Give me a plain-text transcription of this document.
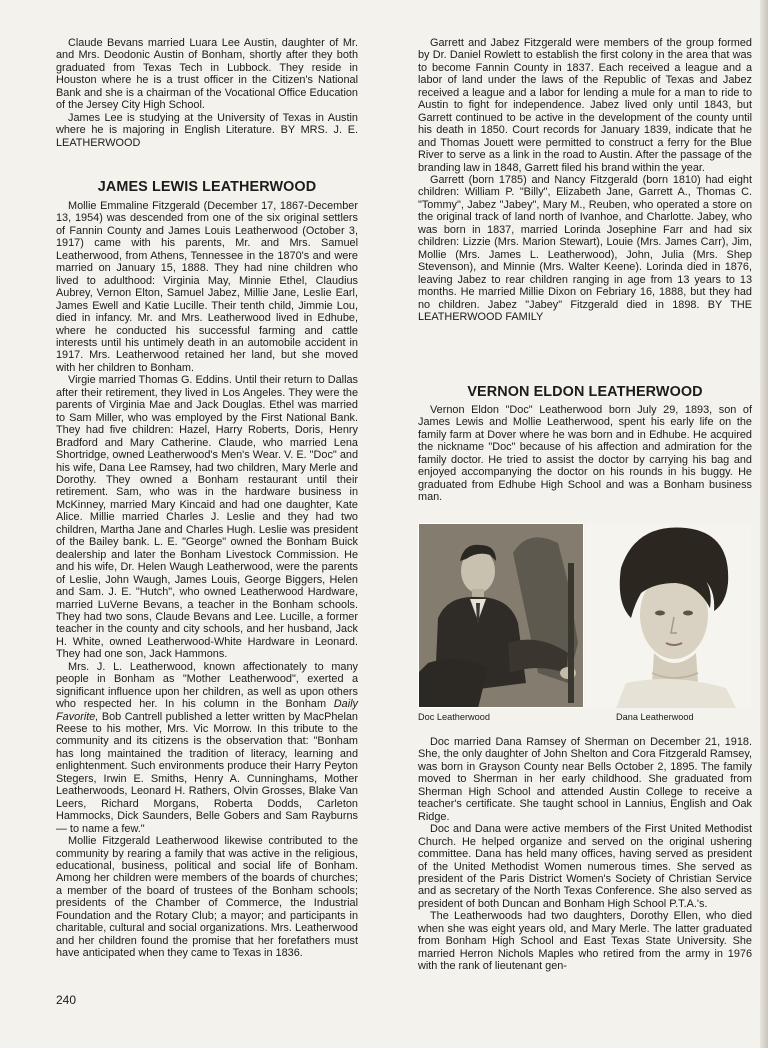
Claude Bevans married Luara Lee Austin, daughter of Mr. and Mrs. Deodonic Austin of Bonham, shortly after they both graduated from Texas Tech in Lubbock. They reside in Houston where he is a trust officer in the Citizen's National Bank and she is a chairman of the Vocational Office Education of the Jersey City High School.

James Lee is studying at the University of Texas in Austin where he is majoring in English Literature. BY MRS. J. E. LEATHERWOOD

JAMES LEWIS LEATHERWOOD

Mollie Emmaline Fitzgerald (December 17, 1867-December 13, 1954) was descended from one of the six original settlers of Fannin County and James Louis Leatherwood (October 3, 1917) came with his parents, Mr. and Mrs. Samuel Leatherwood, from Athens, Tennessee in the 1870's and were married on January 15, 1888. They had nine children who lived to adulthood: Virginia May, Minnie Ethel, Claudius Aubrey, Vernon Elton, Samuel Jabez, Millie Jane, Leslie Earl, James Ewell and Katie Lucille. Their tenth child, Jimmie Lou, died in infancy. Mr. and Mrs. Leatherwood lived in Edhube, where he conducted his successful farming and cattle interests until his untimely death in an automobile accident in 1917. Mrs. Leatherwood retained her land, but she moved with her children to Bonham.

Virgie married Thomas G. Eddins. Until their return to Dallas after their retirement, they lived in Los Angeles. They were the parents of Virginia Mae and Jack Douglas. Ethel was married to Sam Miller, who was employed by the First National Bank. They had five children: Hazel, Harry Roberts, Doris, Henry Bradford and Mary Catherine. Claude, who married Lena Shortridge, owned Leatherwood's Men's Wear. V. E. "Doc" and his wife, Dana Lee Ramsey, had two children, Mary Merle and Dorothy. They owned a Bonham restaurant until their retirement. Sam, who was in the hardware business in McKinney, married Mary Kincaid and had one daughter, Kate Alice. Millie married Charles J. Leslie and they had two children, Martha Jane and Charles Hugh. Leslie was president of the Bailey bank. L. E. "George" owned the Bonham Buick dealership and later the Bonham Livestock Commission. He and his wife, Dr. Helen Waugh Leatherwood, were the parents of Leslie, John Waugh, James Louis, George Biggers, Helen and Sam. J. E. "Hutch", who owned Leatherwood Hardware, married LuVerne Bevans, a teacher in the Bonham schools. They had two sons, Claude Bevans and Lee. Lucille, a former teacher in the county and city schools, and her husband, Jack H. White, owned Leatherwood-White Hardware in Leonard. They had one son, Jack Hammons.

Mrs. J. L. Leatherwood, known affectionately to many people in Bonham as "Mother Leatherwood", exerted a significant influence upon her children, as well as upon others who respected her. In his column in the Bonham Daily Favorite, Bob Cantrell published a letter written by MacPhelan Reese to his mother, Mrs. Vic Morrow. In this tribute to the community and its citizens is the observation that: "Bonham has long maintained the tradition of literacy, learning and enlightenment. Such environments produce their Harry Peyton Stegers, Irwin E. Smiths, Henry A. Cunninghams, Mother Leatherwoods, Leonard H. Rathers, Olvin Grosses, Blake Van Leers, Richard Morgans, Roberta Dodds, Carleton Hammocks, Dick Saunders, Belle Gobers and Sam Rayburns — to name a few."

Mollie Fitzgerald Leatherwood likewise contributed to the community by rearing a family that was active in the religious, educational, business, political and social life of Bonham. Among her children were members of the boards of churches; a member of the board of trustees of the Bonham schools; presidents of the Chamber of Commerce, the Industrial Foundation and the Rotary Club; a mayor; and participants in charitable, cultural and social organizations. Mrs. Leatherwood and her children found the promise that her forefathers must have anticipated when they came to Texas in 1836.

Garrett and Jabez Fitzgerald were members of the group formed by Dr. Daniel Rowlett to establish the first colony in the area that was to become Fannin County in 1837. Each received a league and a labor of land under the laws of the Republic of Texas and Jabez received a league and a labor for lending a mule for a man to ride to Austin to fight for independence. Jabez lived only until 1843, but Garrett continued to be active in the development of the county until his death in 1850. Court records for January 1839, indicate that he and Thomas Jouett were permitted to construct a ferry for the Blue River to serve as a link in the road to Austin. After the passage of the branding law in 1848, Garrett filed his brand within the year.

Garrett (born 1785) and Nancy Fitzgerald (born 1810) had eight children: William P. "Billy", Elizabeth Jane, Garrett A., Thomas C. "Tommy", Jabez "Jabey", Mary M., Reuben, who operated a store on the original track of land north of Ivanhoe, and Charlotte. Jabey, who was born in 1837, married Lorinda Josephine Farr and had six children: Lizzie (Mrs. Marion Stewart), Louie (Mrs. James Carr), Jim, Mollie (Mrs. James L. Leatherwood), John, Julia (Mrs. Shep Stevenson), and Minnie (Mrs. Walter Keene). Lorinda died in 1876, leaving Jabez to rear children ranging in age from 13 years to 13 months. He married Millie Dixon on Febriary 16, 1888, but they had no children. Jabez "Jabey" Fitzgerald died in 1898. BY THE LEATHERWOOD FAMILY

VERNON ELDON LEATHERWOOD

Vernon Eldon "Doc" Leatherwood born July 29, 1893, son of James Lewis and Mollie Leatherwood, spent his early life on the family farm at Dover where he was born and in Edhube. He acquired the nickname "Doc" because of his affection and admiration for the family doctor. He tried to assist the doctor by carrying his bag and enjoyed accompanying the doctor on his rounds in his buggy. He graduated from Edhube High School and was a Bonham business man.

Doc Leatherwood	Dana Leatherwood

Doc married Dana Ramsey of Sherman on December 21, 1918. She, the only daughter of John Shelton and Cora Fitzgerald Ramsey, was born in Grayson County near Bells October 2, 1895. The family moved to Sherman in her early childhood. She graduated from Sherman High School and attended Austin College to receive a teacher's certificate. She taught school in Lannius, English and Oak Ridge.

Doc and Dana were active members of the First United Methodist Church. He helped organize and served on the original ushering committee. Dana has held many offices, having served as president of the United Methodist Women numerous times. She served as president of the Paris District Women's Society of Christian Service and as secretary of the North Texas Conference. She also served as president of both Duncan and Bonham High School P.T.A.'s.

The Leatherwoods had two daughters, Dorothy Ellen, who died when she was eight years old, and Mary Merle. The latter graduated from Bonham High School and East Texas State University. She married Herron Nichols Maples who retired from the army in 1976 with the rank of lieutenant gen-

240
